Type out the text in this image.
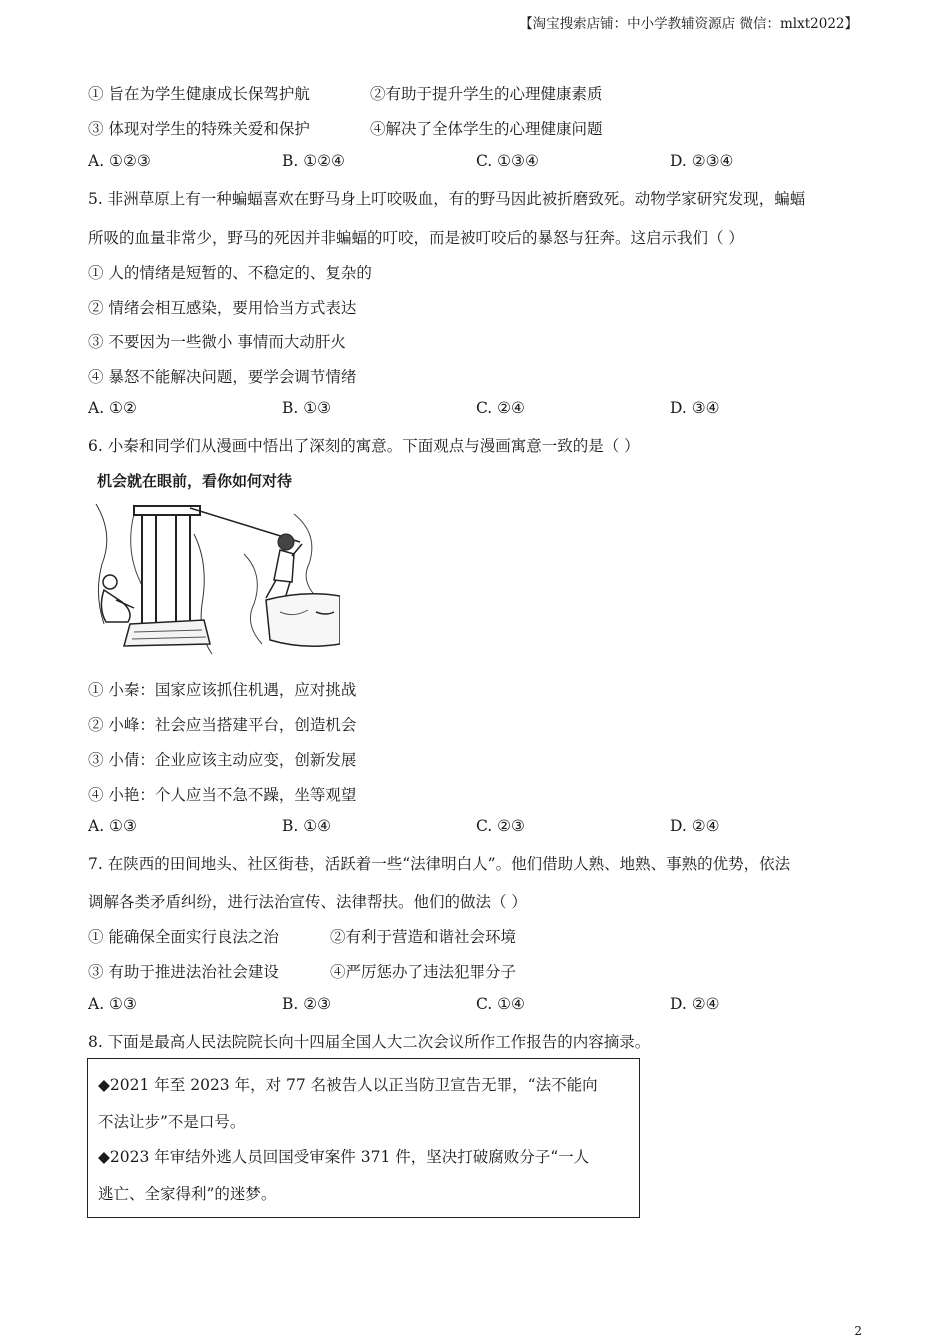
【淘宝搜索店铺：中小学教辅资源店 微信：mlxt2022】
① 旨在为学生健康成长保驾护航	②有助于提升学生的心理健康素质
③ 体现对学生的特殊关爱和保护	④解决了全体学生的心理健康问题
A. ①②③	B. ①②④	C. ①③④	D. ②③④
5. 非洲草原上有一种蝙蝠喜欢在野马身上叮咬吸血，有的野马因此被折磨致死。动物学家研究发现，蝙蝠
所吸的血量非常少，野马的死因并非蝙蝠的叮咬，而是被叮咬后的暴怒与狂奔。这启示我们（ ）
① 人的情绪是短暂的、不稳定的、复杂的
② 情绪会相互感染，要用恰当方式表达
③ 不要因为一些微小 事情而大动肝火
④ 暴怒不能解决问题，要学会调节情绪
A. ①②	B. ①③	C. ②④	D. ③④
6. 小秦和同学们从漫画中悟出了深刻的寓意。下面观点与漫画寓意一致的是（ ）
机会就在眼前，看你如何对待
① 小秦：国家应该抓住机遇，应对挑战
② 小峰：社会应当搭建平台，创造机会
③ 小倩：企业应该主动应变，创新发展
④ 小艳：个人应当不急不躁，坐等观望
A. ①③	B. ①④	C. ②③	D. ②④
7. 在陕西的田间地头、社区街巷，活跃着一些“法律明白人”。他们借助人熟、地熟、事熟的优势，依法
调解各类矛盾纠纷，进行法治宣传、法律帮扶。他们的做法（ ）
① 能确保全面实行良法之治	②有利于营造和谐社会环境
③ 有助于推进法治社会建设	④严厉惩办了违法犯罪分子
A. ①③	B. ②③	C. ①④	D. ②④
8. 下面是最高人民法院院长向十四届全国人大二次会议所作工作报告的内容摘录。
◆2021 年至 2023 年，对 77 名被告人以正当防卫宣告无罪，“法不能向
不法让步”不是口号。
◆2023 年审结外逃人员回国受审案件 371 件，坚决打破腐败分子“一人
逃亡、全家得利”的迷梦。
2
